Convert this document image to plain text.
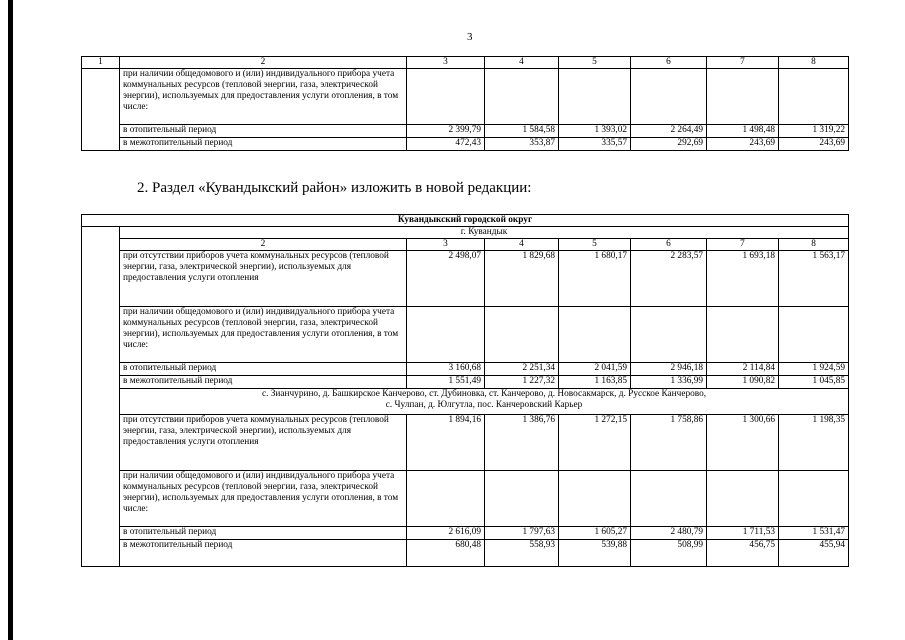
3
1	2	3	4	5	6	7	8
	при наличии общедомового и (или) индивидуального прибора учета коммунальных ресурсов (тепловой энергии, газа, электрической энергии), используемых для предоставления услуги отопления, в том числе:						
	в отопительный период	2 399,79	1 584,58	1 393,02	2 264,49	1 498,48	1 319,22
	в межотопительный период	472,43	353,87	335,57	292,69	243,69	243,69
2. Раздел «Кувандыкский район» изложить в новой редакции:
Кувандыкский городской округ							
	г. Кувандык						
	2	3	4	5	6	7	8
	при отсутствии приборов учета коммунальных ресурсов (тепловой энергии, газа, электрической энергии), используемых для предоставления услуги отопления	2 498,07	1 829,68	1 680,17	2 283,57	1 693,18	1 563,17
	при наличии общедомового и (или) индивидуального прибора учета коммунальных ресурсов (тепловой энергии, газа, электрической энергии), используемых для предоставления услуги отопления, в том числе:						
	в отопительный период	3 160,68	2 251,34	2 041,59	2 946,18	2 114,84	1 924,59
	в межотопительный период	1 551,49	1 227,32	1 163,85	1 336,99	1 090,82	1 045,85
	с. Зианчурино, д. Башкирское Канчерово, ст. Дубиновка, ст. Канчерово, д. Новосакмарск, д. Русское Канчерово,
с. Чулпан, д. Юлгутла, пос. Канчеровский Карьер						
	при отсутствии приборов учета коммунальных ресурсов (тепловой энергии, газа, электрической энергии), используемых для предоставления услуги отопления	1 894,16	1 386,76	1 272,15	1 758,86	1 300,66	1 198,35
	при наличии общедомового и (или) индивидуального прибора учета коммунальных ресурсов (тепловой энергии, газа, электрической энергии), используемых для предоставления услуги отопления, в том числе:						
	в отопительный период	2 616,09	1 797,63	1 605,27	2 480,79	1 711,53	1 531,47
	в межотопительный период	680,48	558,93	539,88	508,99	456,75	455,94
